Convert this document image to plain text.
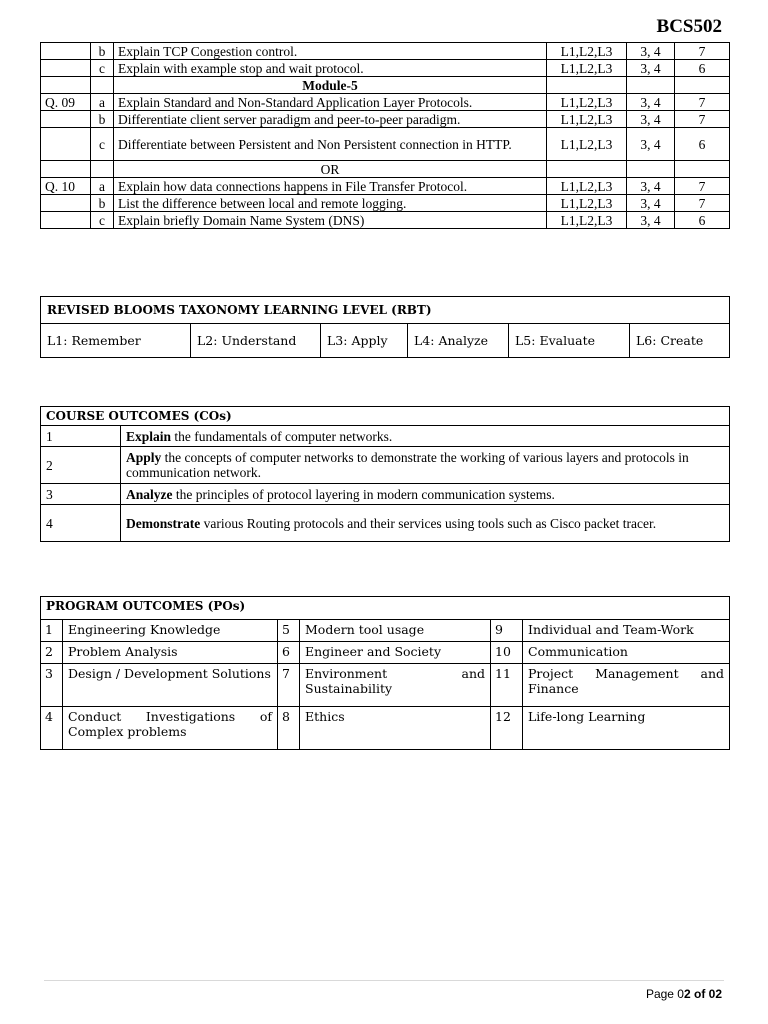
BCS502
	b	Explain TCP Congestion control.	L1,L2,L3	3, 4	7
	c	Explain with example stop and wait protocol.	L1,L2,L3	3, 4	6
		Module-5			
Q. 09	a	Explain Standard and Non-Standard Application Layer Protocols.	L1,L2,L3	3, 4	7
	b	Differentiate client server paradigm and peer-to-peer paradigm.	L1,L2,L3	3, 4	7
	c	Differentiate between Persistent and Non Persistent connection in HTTP.	L1,L2,L3	3, 4	6
		OR			
Q. 10	a	Explain how data connections happens in File Transfer Protocol.	L1,L2,L3	3, 4	7
	b	List the difference between local and remote logging.	L1,L2,L3	3, 4	7
	c	Explain briefly Domain Name System (DNS)	L1,L2,L3	3, 4	6
REVISED BLOOMS TAXONOMY LEARNING LEVEL (RBT)
L1: Remember	L2: Understand	L3: Apply	L4: Analyze	L5: Evaluate	L6: Create
COURSE OUTCOMES (COs)	
1	Explain the fundamentals of computer networks.
2	Apply the concepts of computer networks to demonstrate the working of various layers and protocols in communication network.
3	Analyze the principles of protocol layering in modern communication systems.
4	Demonstrate various Routing protocols and their services using tools such as Cisco packet tracer.
PROGRAM OUTCOMES (POs)					
1	Engineering Knowledge	5	Modern tool usage	9	Individual and Team-Work
2	Problem Analysis	6	Engineer and Society	10	Communication
3	Design / Development Solutions	7	Environment and Sustainability	11	Project Management and Finance
4	Conduct Investigations of Complex problems	8	Ethics	12	Life-long Learning
Page 02 of 02
